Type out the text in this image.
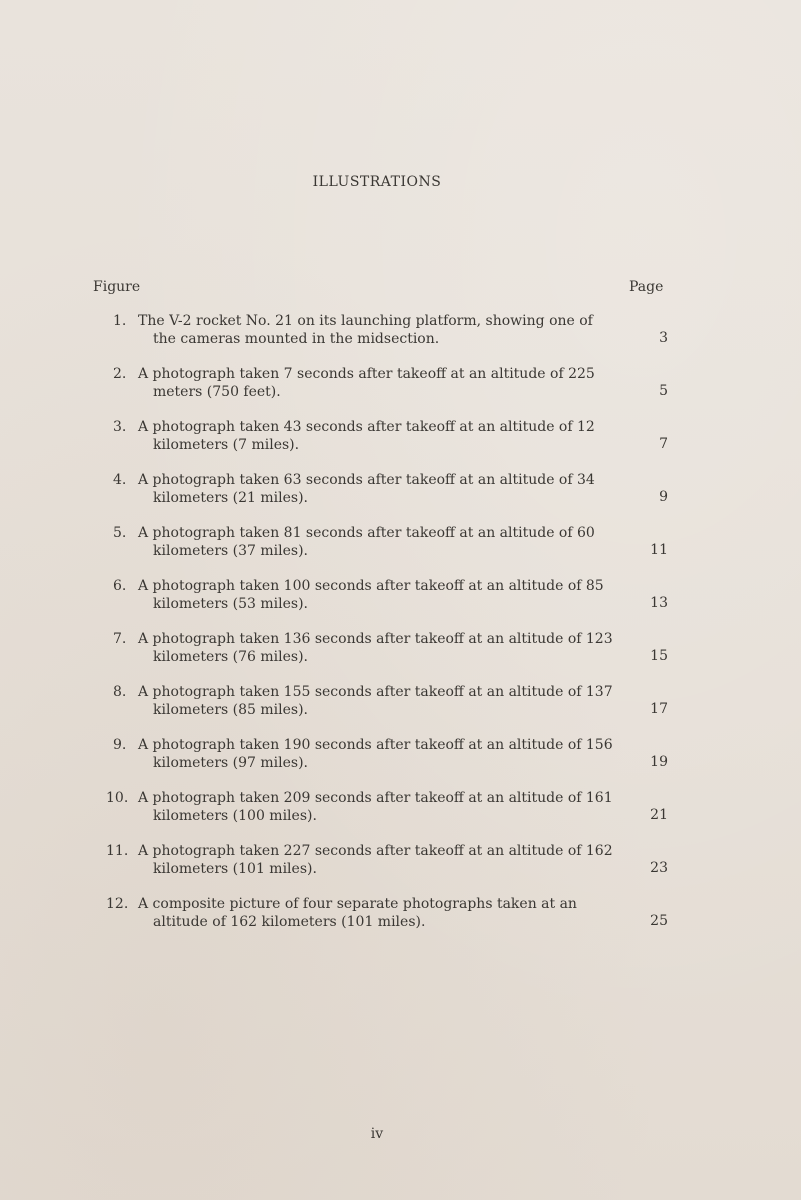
ILLUSTRATIONS
Figure	Page
1. The V-2 rocket No. 21 on its launching platform, showing one of
the cameras mounted in the midsection.	3
2. A photograph taken 7 seconds after takeoff at an altitude of 225
meters (750 feet).	5
3. A photograph taken 43 seconds after takeoff at an altitude of 12
kilometers (7 miles).	7
4. A photograph taken 63 seconds after takeoff at an altitude of 34
kilometers (21 miles).	9
5. A photograph taken 81 seconds after takeoff at an altitude of 60
kilometers (37 miles).	11
6. A photograph taken 100 seconds after takeoff at an altitude of 85
kilometers (53 miles).	13
7. A photograph taken 136 seconds after takeoff at an altitude of 123
kilometers (76 miles).	15
8. A photograph taken 155 seconds after takeoff at an altitude of 137
kilometers (85 miles).	17
9. A photograph taken 190 seconds after takeoff at an altitude of 156
kilometers (97 miles).	19
10. A photograph taken 209 seconds after takeoff at an altitude of 161
kilometers (100 miles).	21
11. A photograph taken 227 seconds after takeoff at an altitude of 162
kilometers (101 miles).	23
12. A composite picture of four separate photographs taken at an
altitude of 162 kilometers (101 miles).	25
iv
